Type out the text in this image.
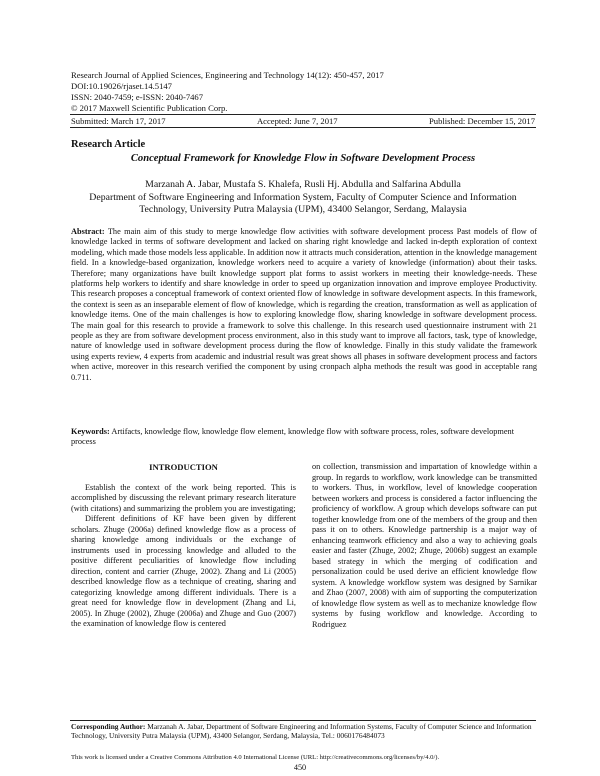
Research Journal of Applied Sciences, Engineering and Technology 14(12): 450-457, 2017
DOI:10.19026/rjaset.14.5147
ISSN: 2040-7459; e-ISSN: 2040-7467
© 2017 Maxwell Scientific Publication Corp.
Submitted: March 17, 2017	Accepted: June 7, 2017	Published: December 15, 2017
Research Article
Conceptual Framework for Knowledge Flow in Software Development Process
Marzanah A. Jabar, Mustafa S. Khalefa, Rusli Hj. Abdulla and Salfarina Abdulla
Department of Software Engineering and Information System, Faculty of Computer Science and Information Technology, University Putra Malaysia (UPM), 43400 Selangor, Serdang, Malaysia
Abstract: The main aim of this study to merge knowledge flow activities with software development process Past models of flow of knowledge lacked in terms of software development and lacked on sharing right knowledge and lacked in-depth exploration of context modeling, which made those models less applicable. In addition now it attracts much consideration, attention in the knowledge management field. In a knowledge-based organization, knowledge workers need to acquire a variety of knowledge (information) about their tasks. Therefore; many organizations have built knowledge support plat forms to assist workers in meeting their knowledge-needs. These platforms help workers to identify and share knowledge in order to speed up organization innovation and improve employee Productivity. This research proposes a conceptual framework of context oriented flow of knowledge in software development aspects. In this framework, the context is seen as an inseparable element of flow of knowledge, which is regarding the creation, transformation as well as application of knowledge items. One of the main challenges is how to exploring knowledge flow, sharing knowledge in software development process. The main goal for this research to provide a framework to solve this challenge. In this research used questionnaire instrument with 21 people as they are from software development process environment, also in this study want to improve all factors, task, type of knowledge, nature of knowledge used in software development process during the flow of knowledge. Finally in this study validate the framework using experts review, 4 experts from academic and industrial result was great shows all phases in software development process and factors when active, moreover in this research verified the component by using cronpach alpha methods the result was good in acceptable rang 0.711.
Keywords: Artifacts, knowledge flow, knowledge flow element, knowledge flow with software process, roles, software development process

INTRODUCTION

Establish the context of the work being reported. This is accomplished by discussing the relevant primary research literature (with citations) and summarizing the problem you are investigating;

Different definitions of KF have been given by different scholars. Zhuge (2006a) defined knowledge flow as a process of sharing knowledge among individuals or the exchange of instruments used in processing knowledge and alluded to the positive different peculiarities of knowledge flow including direction, content and carrier (Zhuge, 2002). Zhang and Li (2005) described knowledge flow as a technique of creating, sharing and categorizing knowledge among different individuals. There is a great need for knowledge flow in development (Zhang and Li, 2005). In Zhuge (2002), Zhuge (2006a) and Zhuge and Guo (2007) the examination of knowledge flow is centered

on collection, transmission and impartation of knowledge within a group. In regards to workflow, work knowledge can be transmitted to workers. Thus, in workflow, level of knowledge cooperation between workers and process is considered a factor influencing the proficiency of workflow. A group which develops software can put together knowledge from one of the members of the group and then pass it on to others. Knowledge partnership is a major way of enhancing teamwork efficiency and also a way to achieving goals easier and faster (Zhuge, 2002; Zhuge, 2006b) suggest an example based strategy in which the merging of codification and personalization could be used derive an efficient knowledge flow system. A knowledge workflow system was designed by Sarnikar and Zhao (2007, 2008) with aim of supporting the computerization of knowledge flow system as well as to mechanize knowledge flow systems by fusing workflow and knowledge. According to Rodriguez

Corresponding Author: Marzanah A. Jabar, Department of Software Engineering and Information Systems, Faculty of Computer Science and Information Technology, University Putra Malaysia (UPM), 43400 Selangor, Serdang, Malaysia, Tel.: 0060176484073
This work is licensed under a Creative Commons Attribution 4.0 International License (URL: http://creativecommons.org/licenses/by/4.0/).
450
